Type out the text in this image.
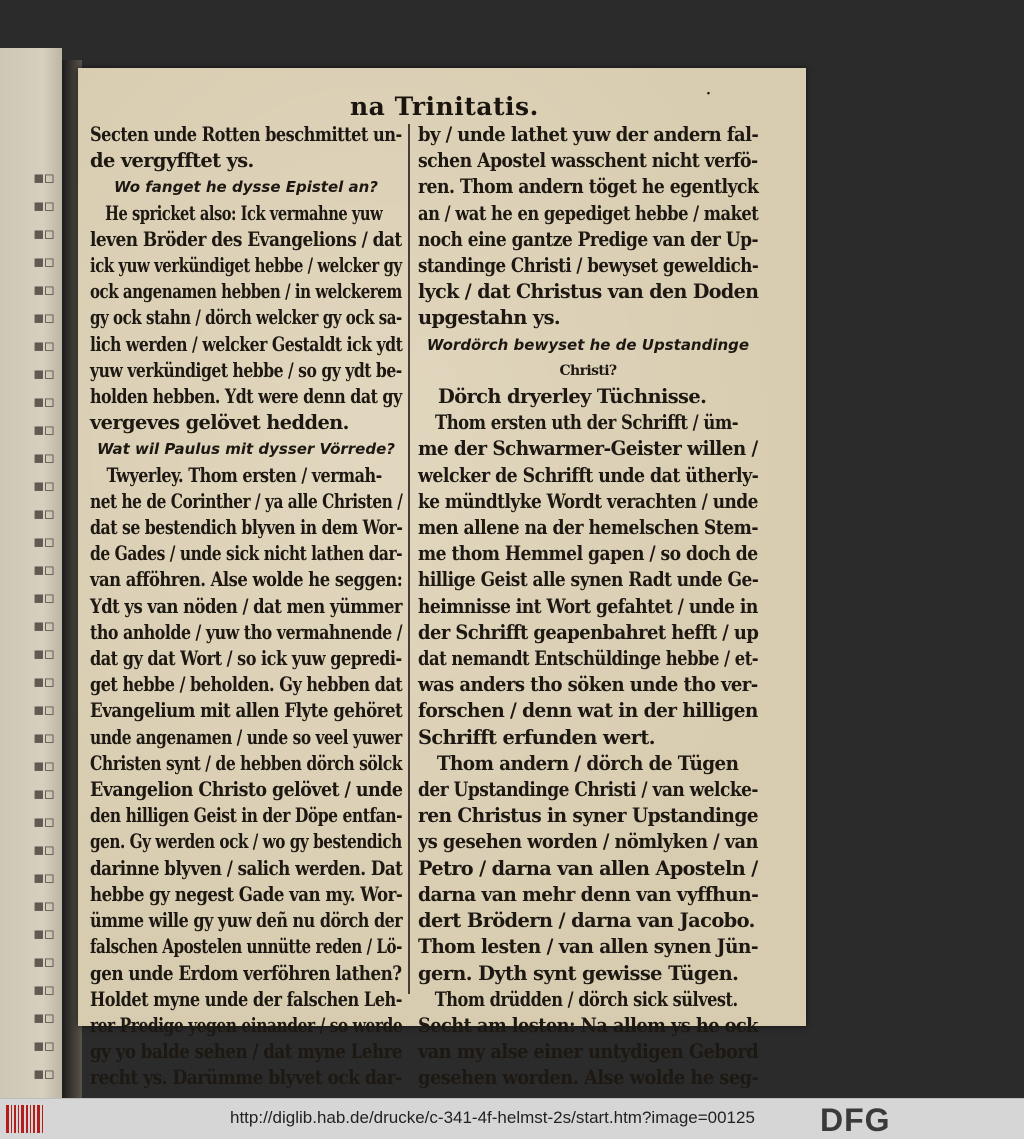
▪▫
▪▫
▪▫
▪▫
▪▫
▪▫
▪▫
▪▫
▪▫
▪▫
▪▫
▪▫
▪▫
▪▫
▪▫
▪▫
▪▫
▪▫
▪▫
▪▫
▪▫
▪▫
▪▫
▪▫
▪▫
▪▫
▪▫
▪▫
▪▫
▪▫
▪▫
▪▫
▪▫
na Trinitatis.	·

Secten unde Rotten beschmittet un-

de vergyfftet ys.

Wo fanget he dysse Epistel an?

He spricket also: Ick vermahne yuw

leven Bröder des Evangelions / dat

ick yuw verkündiget hebbe / welcker gy

ock angenamen hebben / in welckerem

gy ock stahn / dörch welcker gy ock sa-

lich werden / welcker Gestaldt ick ydt

yuw verkündiget hebbe / so gy ydt be-

holden hebben. Ydt were denn dat gy

vergeves gelövet hedden.

Wat wil Paulus mit dysser Vörrede?

Twyerley. Thom ersten / vermah-

net he de Corinther / ya alle Christen /

dat se bestendich blyven in dem Wor-

de Gades / unde sick nicht lathen dar-

van afföhren. Alse wolde he seggen:

Ydt ys van nöden / dat men yümmer

tho anholde / yuw tho vermahnende /

dat gy dat Wort / so ick yuw gepredi-

get hebbe / beholden. Gy hebben dat

Evangelium mit allen Flyte gehöret

unde angenamen / unde so veel yuwer

Christen synt / de hebben dörch sölck

Evangelion Christo gelövet / unde

den hilligen Geist in der Döpe entfan-

gen. Gy werden ock / wo gy bestendich

darinne blyven / salich werden. Dat

hebbe gy negest Gade van my. Wor-

ümme wille gy yuw deñ nu dörch der

falschen Apostelen unnütte reden / Lö-

gen unde Erdom verföhren lathen?

Holdet myne unde der falschen Leh-

rer Predige yegen einander / so werde

gy yo balde sehen / dat myne Lehre

recht ys. Darümme blyvet ock dar-

by / unde lathet yuw der andern fal-

schen Apostel wasschent nicht verfö-

ren. Thom andern töget he egentlyck

an / wat he en gepediget hebbe / maket

noch eine gantze Predige van der Up-

standinge Christi / bewyset geweldich-

lyck / dat Christus van den Doden

upgestahn ys.

Wordörch bewyset he de Upstandinge

Christi?

Dörch dryerley Tüchnisse.

Thom ersten uth der Schrifft / üm-

me der Schwarmer-Geister willen /

welcker de Schrifft unde dat ütherly-

ke mündtlyke Wordt verachten / unde

men allene na der hemelschen Stem-

me thom Hemmel gapen / so doch de

hillige Geist alle synen Radt unde Ge-

heimnisse int Wort gefahtet / unde in

der Schrifft geapenbahret hefft / up

dat nemandt Entschüldinge hebbe / et-

was anders tho söken unde tho ver-

forschen / denn wat in der hilligen

Schrifft erfunden wert.

Thom andern / dörch de Tügen

der Upstandinge Christi / van welcke-

ren Christus in syner Upstandinge

ys gesehen worden / nömlyken / van

Petro / darna van allen Aposteln /

darna van mehr denn van vyffhun-

dert Brödern / darna van Jacobo.

Thom lesten / van allen synen Jün-

gern. Dyth synt gewisse Tügen.

Thom drüdden / dörch sick sülvest.

Secht am lesten: Na allem ys he ock

van my alse einer untydigen Gebord

gesehen worden. Alse wolde he seg-

http://diglib.hab.de/drucke/c-341-4f-helmst-2s/start.htm?image=00125 DFG
